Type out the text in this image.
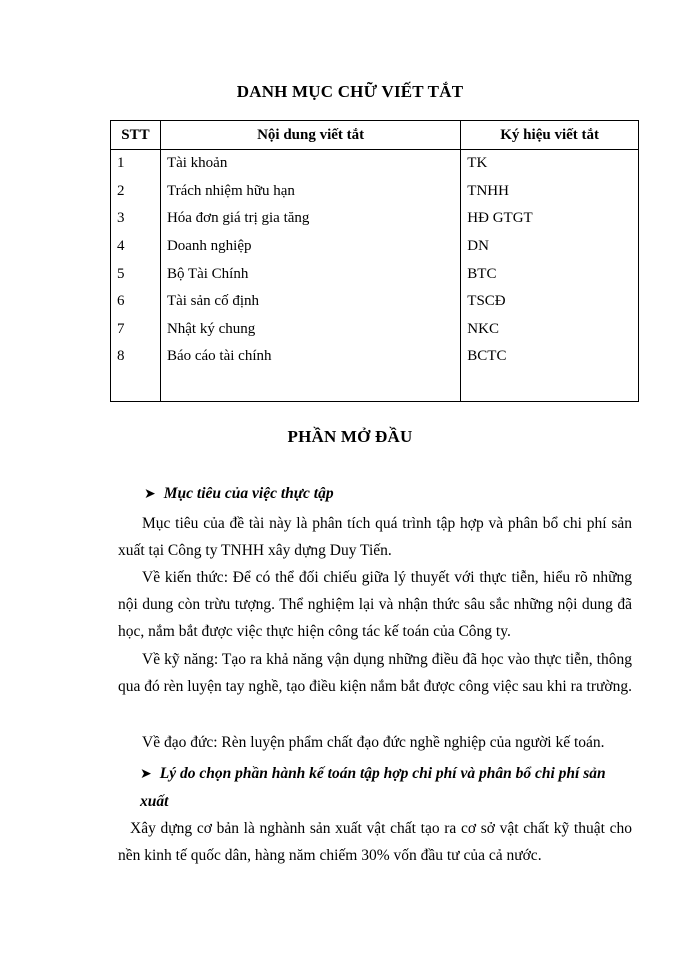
DANH MỤC CHỮ VIẾT TẮT
STT	Nội dung viết tắt	Ký hiệu viết tắt
1	Tài khoản	TK
2	Trách nhiệm hữu hạn	TNHH
3	Hóa đơn giá trị gia tăng	HĐ GTGT
4	Doanh nghiệp	DN
5	Bộ Tài Chính	BTC
6	Tài sản cố định	TSCĐ
7	Nhật ký chung	NKC
8	Báo cáo tài chính	BCTC

PHẦN MỞ ĐẦU
➤ Mục tiêu của việc thực tập

Mục tiêu của đề tài này là phân tích quá trình tập hợp và phân bổ chi phí sản xuất tại Công ty TNHH xây dựng Duy Tiến.

Về kiến thức: Để có thể đối chiếu giữa lý thuyết với thực tiễn, hiểu rõ những nội dung còn trừu tượng. Thể nghiệm lại và nhận thức sâu sắc những nội dung đã học, nắm bắt được việc thực hiện công tác kế toán của Công ty.

Về kỹ năng: Tạo ra khả năng vận dụng những điều đã học vào thực tiễn, thông qua đó rèn luyện tay nghề, tạo điều kiện nắm bắt được công việc sau khi ra trường.

Về đạo đức: Rèn luyện phẩm chất đạo đức nghề nghiệp của người kế toán.

➤ Lý do chọn phần hành kế toán tập hợp chi phí và phân bổ chi phí sản xuất

Xây dựng cơ bản là nghành sản xuất vật chất tạo ra cơ sở vật chất kỹ thuật cho nền kinh tế quốc dân, hàng năm chiếm 30% vốn đầu tư của cả nước.
